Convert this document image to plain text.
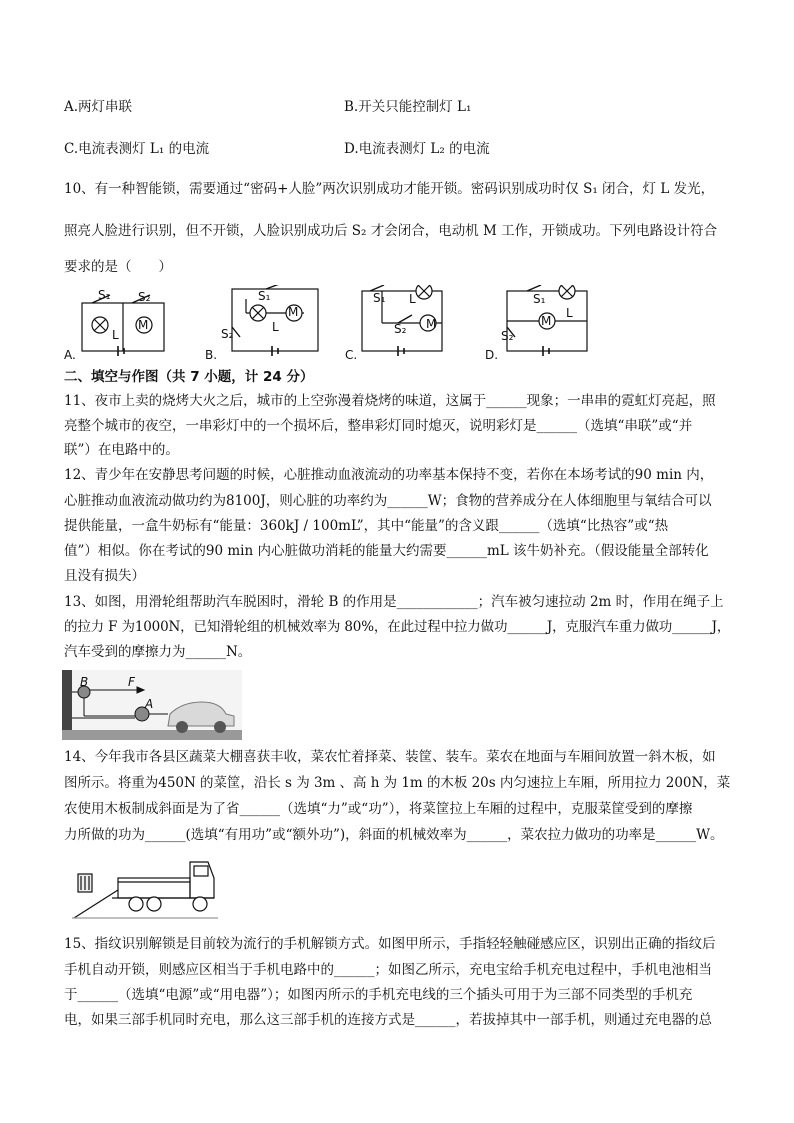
A.两灯串联	B.开关只能控制灯 L₁
C.电流表测灯 L₁ 的电流	D.电流表测灯 L₂ 的电流
10、有一种智能锁，需要通过“密码+人脸”两次识别成功才能开锁。密码识别成功时仅 S₁ 闭合，灯 L 发光，
照亮人脸进行识别，但不开锁，人脸识别成功后 S₂ 才会闭合，电动机 M 工作，开锁成功。下列电路设计符合
要求的是（　　）
S₁ S₂
L
M
S₁
L
S₂
M
S₁ L
S₂ M
S₁
L
S₂
M
A.	B.	C.	D.
二、填空与作图（共 7 小题，计 24 分）
11、夜市上卖的烧烤大火之后，城市的上空弥漫着烧烤的味道，这属于______现象；一串串的霓虹灯亮起，照
亮整个城市的夜空，一串彩灯中的一个损坏后，整串彩灯同时熄灭，说明彩灯是______（选填“串联”或“并
联”）在电路中的。
12、青少年在安静思考问题的时候，心脏推动血液流动的功率基本保持不变，若你在本场考试的90 min 内，
心脏推动血液流动做功约为8100J，则心脏的功率约为______W；食物的营养成分在人体细胞里与氧结合可以
提供能量，一盒牛奶标有“能量：360kJ / 100mL”，其中“能量”的含义跟______（选填“比热容”或“热
值”）相似。你在考试的90 min 内心脏做功消耗的能量大约需要______mL 该牛奶补充。（假设能量全部转化
且没有损失）
13、如图，用滑轮组帮助汽车脱困时，滑轮 B 的作用是____________；汽车被匀速拉动 2m 时，作用在绳子上
的拉力 F 为1000N，已知滑轮组的机械效率为 80%，在此过程中拉力做功______J，克服汽车重力做功______J，
汽车受到的摩擦力为______N。
B	F
A
14、今年我市各县区蔬菜大棚喜获丰收，菜农忙着择菜、装筐、装车。菜农在地面与车厢间放置一斜木板，如
图所示。将重为450N 的菜筐，沿长 s 为 3m 、高 h 为 1m 的木板 20s 内匀速拉上车厢，所用拉力 200N，菜
农使用木板制成斜面是为了省______（选填“力”或“功”），将菜筐拉上车厢的过程中，克服菜筐受到的摩擦
力所做的功为______(选填“有用功”或“额外功”)，斜面的机械效率为______，菜农拉力做功的功率是______W。
15、指纹识别解锁是目前较为流行的手机解锁方式。如图甲所示，手指轻轻触碰感应区，识别出正确的指纹后
手机自动开锁，则感应区相当于手机电路中的______；如图乙所示，充电宝给手机充电过程中，手机电池相当
于______（选填“电源”或“用电器”）；如图丙所示的手机充电线的三个插头可用于为三部不同类型的手机充
电，如果三部手机同时充电，那么这三部手机的连接方式是______，若拔掉其中一部手机，则通过充电器的总
